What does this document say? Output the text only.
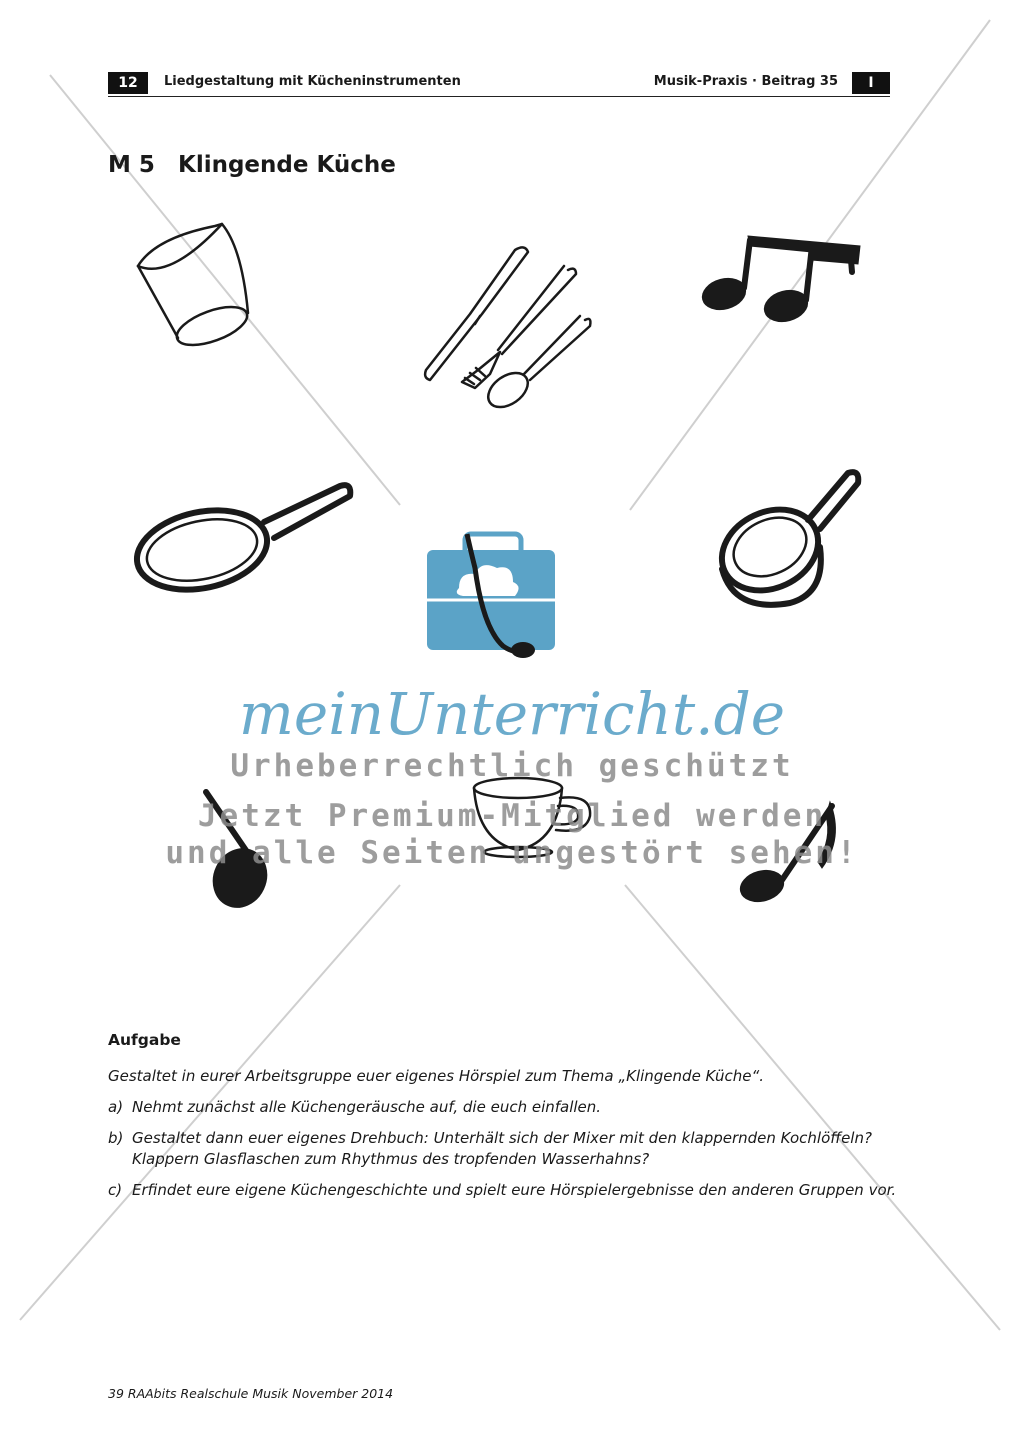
12	Liedgestaltung mit Kücheninstrumenten	Musik-Praxis · Beitrag 35	I
M 5 Klingende Küche
meinUnterricht.de
Urheberrechtlich geschützt
Jetzt Premium-Mitglied werden
und alle Seiten ungestört sehen!
Aufgabe

Gestaltet in eurer Arbeitsgruppe euer eigenes Hörspiel zum Thema „Klingende Küche“.

a) Nehmt zunächst alle Küchengeräusche auf, die euch einfallen.
b) Gestaltet dann euer eigenes Drehbuch: Unterhält sich der Mixer mit den klappernden Kochlöffeln? Klappern Glasflaschen zum Rhythmus des tropfenden Wasserhahns?
c) Erfindet eure eigene Küchengeschichte und spielt eure Hörspielergebnisse den anderen Gruppen vor.
39 RAAbits Realschule Musik November 2014
